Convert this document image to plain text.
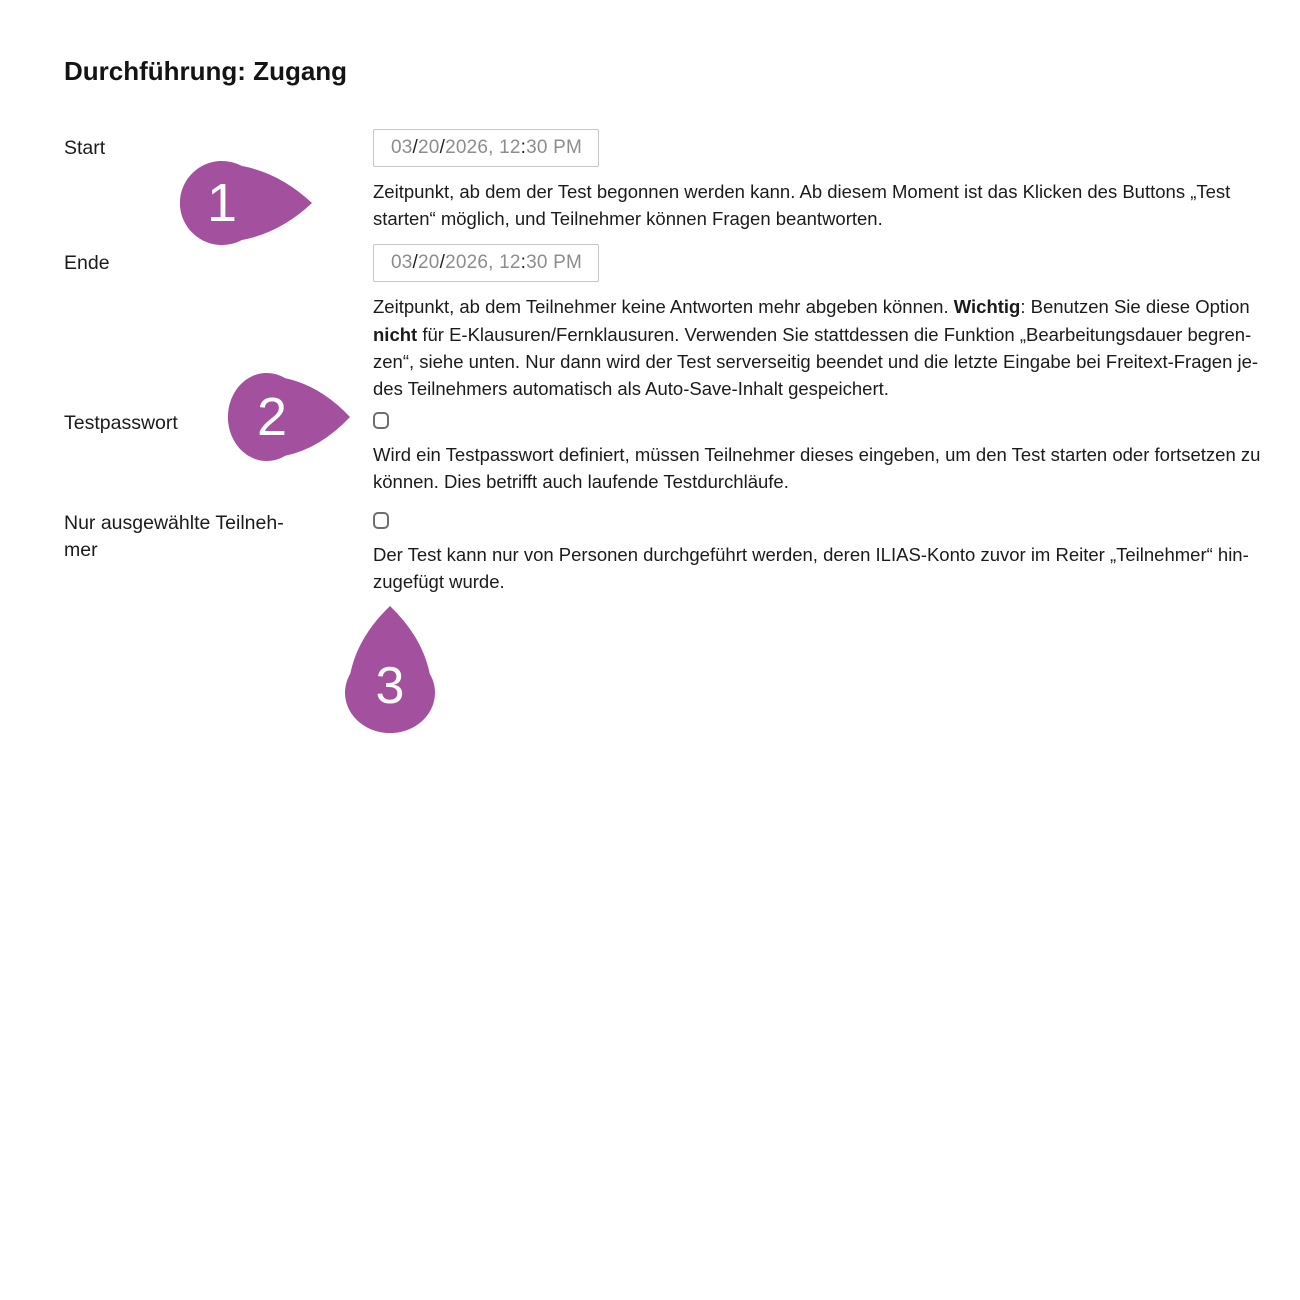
Durchführung: Zugang
Start	03 / 20 / 2026, 12 : 30 PM
Zeitpunkt, ab dem der Test begonnen werden kann. Ab diesem Moment ist das Klicken des Buttons „Test
starten“ möglich, und Teilnehmer können Fragen beantworten.
Ende	03 / 20 / 2026, 12 : 30 PM
Zeitpunkt, ab dem Teilnehmer keine Antworten mehr abgeben können. Wichtig: Benutzen Sie diese Option
nicht für E-Klausuren/Fernklausuren. Verwenden Sie stattdessen die Funktion „Bearbeitungsdauer begren-
zen“, siehe unten. Nur dann wird der Test serverseitig beendet und die letzte Eingabe bei Freitext-Fragen je-
des Teilnehmers automatisch als Auto-Save-Inhalt gespeichert.
Testpasswort
Wird ein Testpasswort definiert, müssen Teilnehmer dieses eingeben, um den Test starten oder fortsetzen zu
können. Dies betrifft auch laufende Testdurchläufe.
Nur ausgewählte Teilneh-
mer	Der Test kann nur von Personen durchgeführt werden, deren ILIAS-Konto zuvor im Reiter „Teilnehmer“ hin-
zugefügt wurde.
1
2
3
